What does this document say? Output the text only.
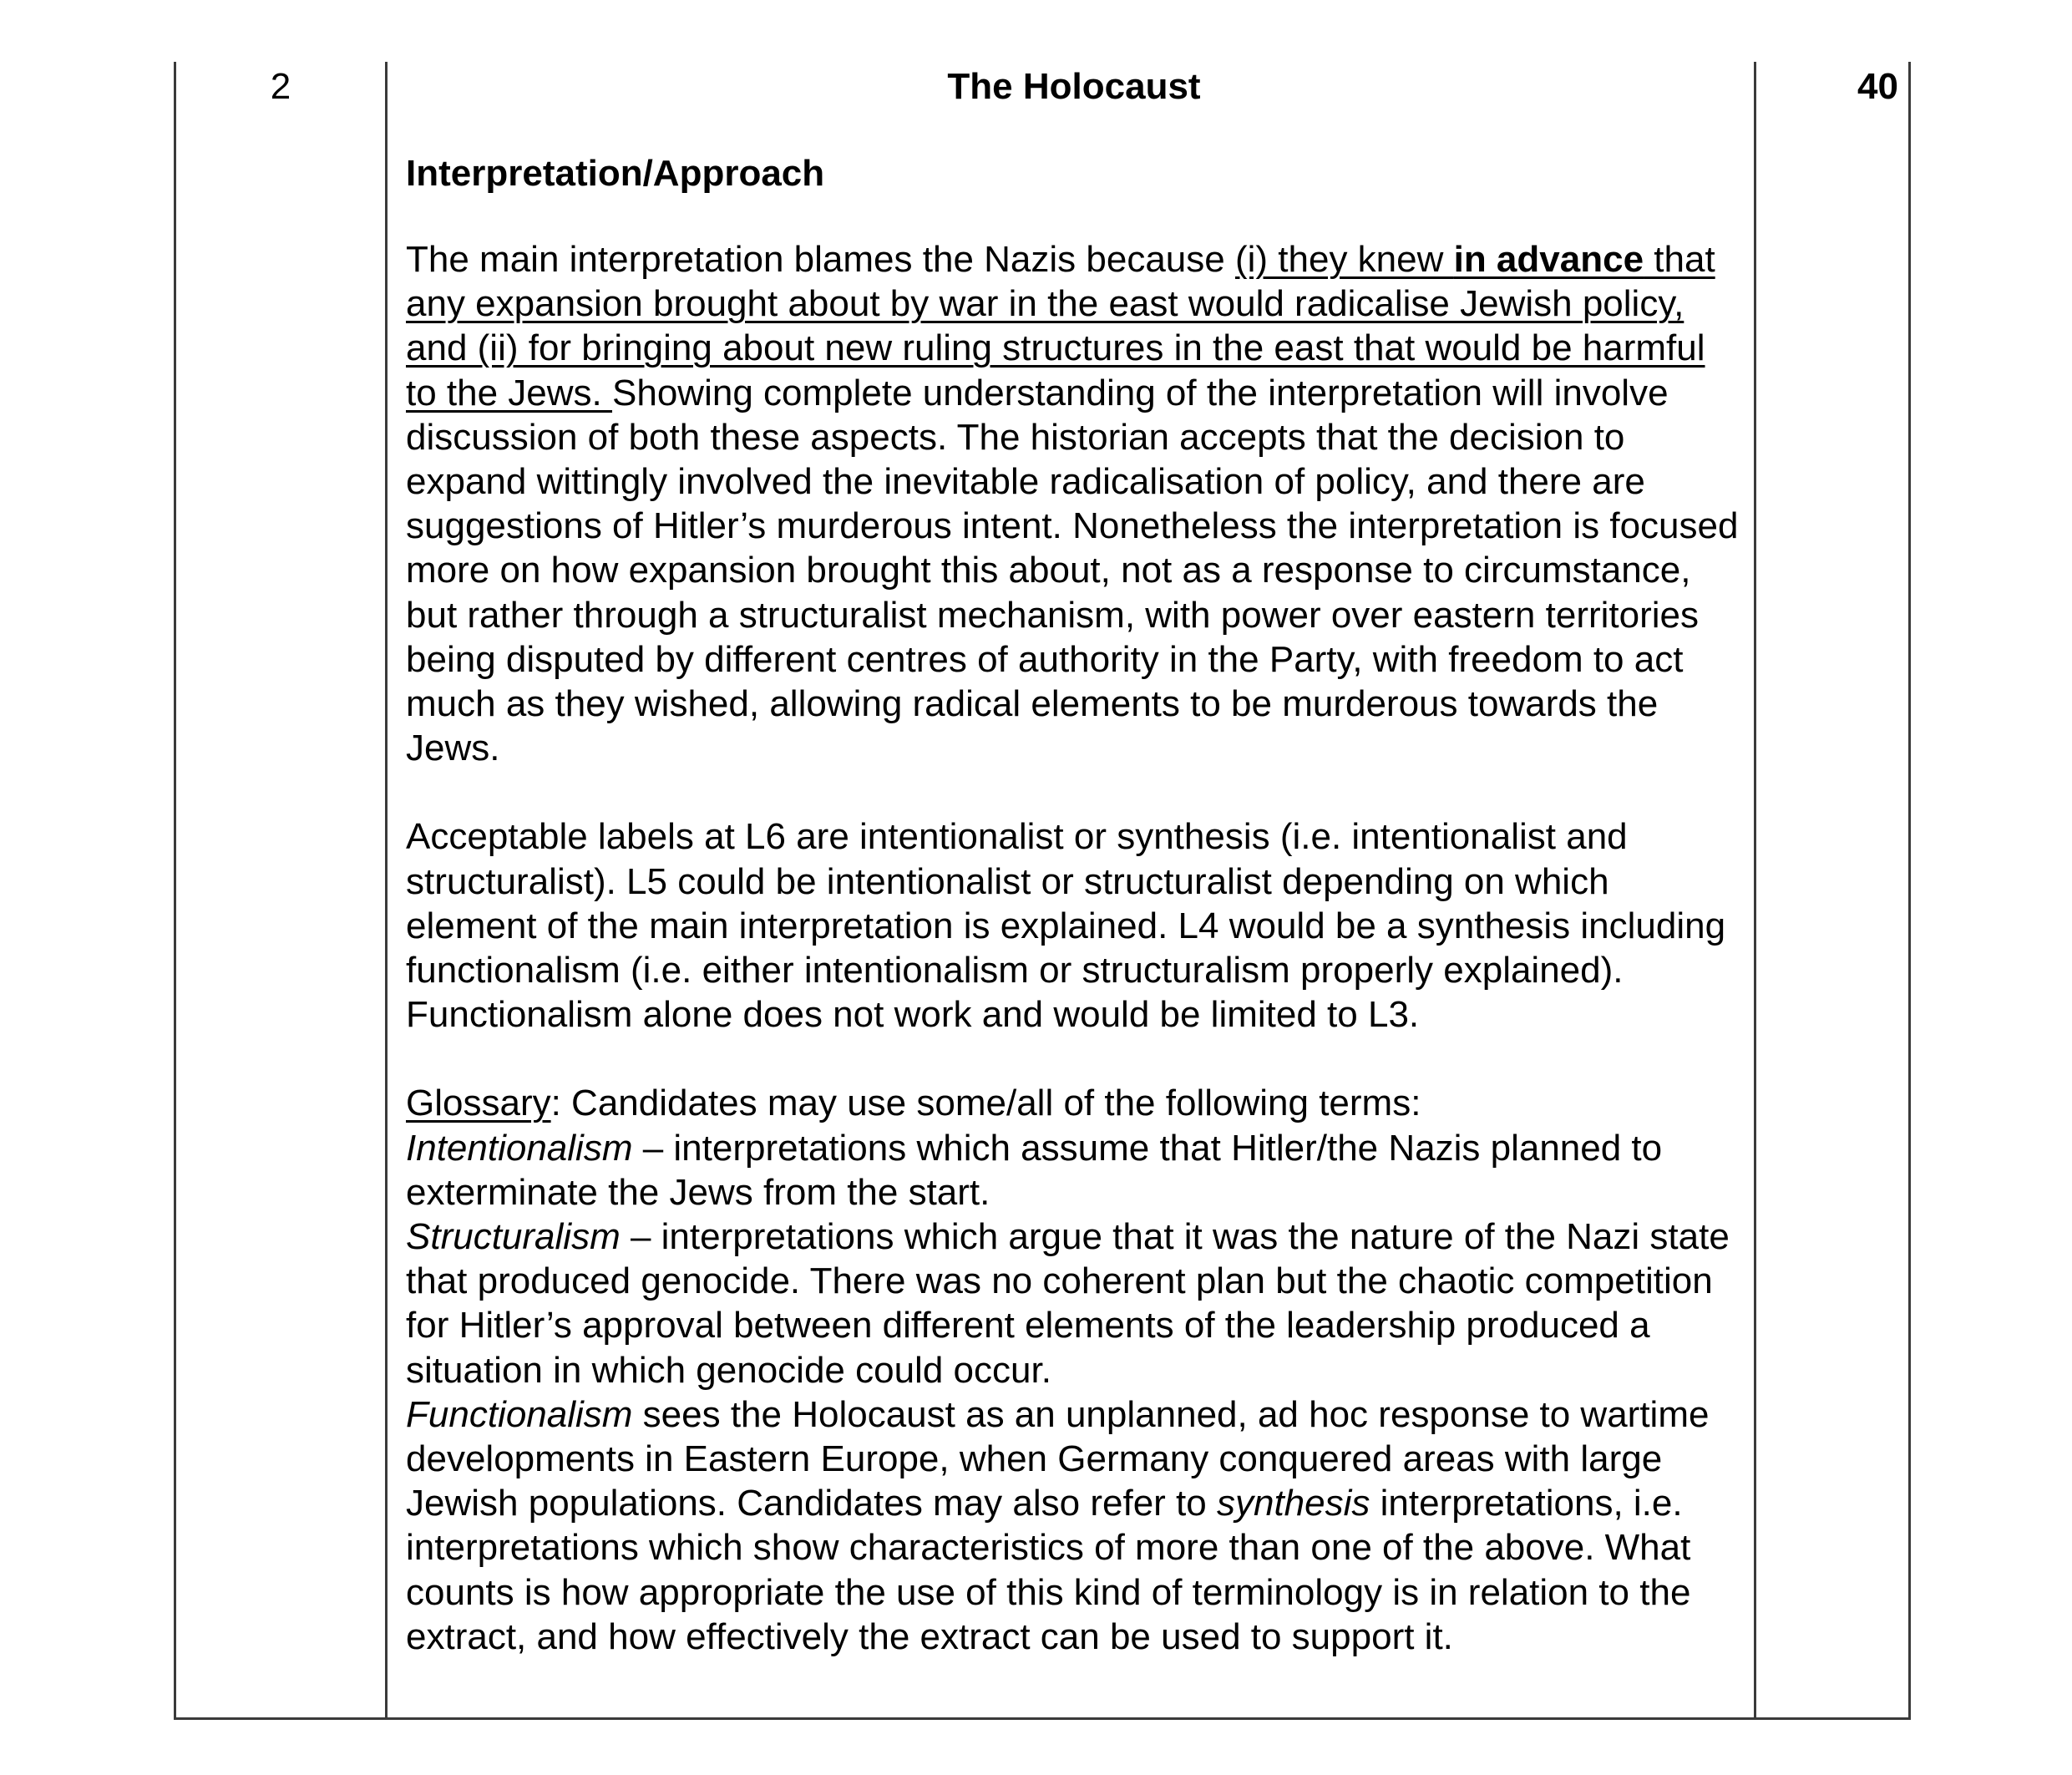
2	40

The Holocaust

Interpretation/Approach

The main interpretation blames the Nazis because (i) they knew in advance that any expansion brought about by war in the east would radicalise Jewish policy, and (ii) for bringing about new ruling structures in the east that would be harmful to the Jews. Showing complete understanding of the interpretation will involve discussion of both these aspects. The historian accepts that the decision to expand wittingly involved the inevitable radicalisation of policy, and there are suggestions of Hitler’s murderous intent. Nonetheless the interpretation is focused more on how expansion brought this about, not as a response to circumstance, but rather through a structuralist mechanism, with power over eastern territories being disputed by different centres of authority in the Party, with freedom to act much as they wished, allowing radical elements to be murderous towards the Jews.

Acceptable labels at L6 are intentionalist or synthesis (i.e. intentionalist and structuralist). L5 could be intentionalist or structuralist depending on which element of the main interpretation is explained. L4 would be a synthesis including functionalism (i.e. either intentionalism or structuralism properly explained). Functionalism alone does not work and would be limited to L3.

Glossary: Candidates may use some/all of the following terms:

Intentionalism – interpretations which assume that Hitler/the Nazis planned to exterminate the Jews from the start.

Structuralism – interpretations which argue that it was the nature of the Nazi state that produced genocide. There was no coherent plan but the chaotic competition for Hitler’s approval between different elements of the leadership produced a situation in which genocide could occur.

Functionalism sees the Holocaust as an unplanned, ad hoc response to wartime developments in Eastern Europe, when Germany conquered areas with large Jewish populations. Candidates may also refer to synthesis interpretations, i.e. interpretations which show characteristics of more than one of the above. What counts is how appropriate the use of this kind of terminology is in relation to the extract, and how effectively the extract can be used to support it.
